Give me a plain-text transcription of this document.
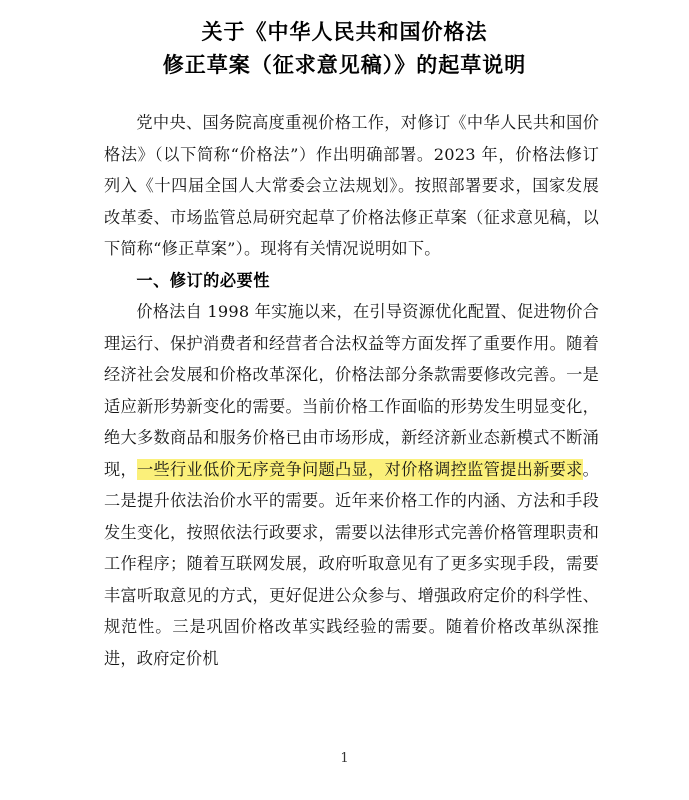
关于《中华人民共和国价格法
修正草案（征求意见稿）》的起草说明

党中央、国务院高度重视价格工作，对修订《中华人民共和国价格法》（以下简称“价格法”）作出明确部署。2023 年，价格法修订列入《十四届全国人大常委会立法规划》。按照部署要求，国家发展改革委、市场监管总局研究起草了价格法修正草案（征求意见稿，以下简称“修正草案”）。现将有关情况说明如下。

一、修订的必要性

价格法自 1998 年实施以来，在引导资源优化配置、促进物价合理运行、保护消费者和经营者合法权益等方面发挥了重要作用。随着经济社会发展和价格改革深化，价格法部分条款需要修改完善。一是适应新形势新变化的需要。当前价格工作面临的形势发生明显变化，绝大多数商品和服务价格已由市场形成，新经济新业态新模式不断涌现，一些行业低价无序竞争问题凸显，对价格调控监管提出新要求。二是提升依法治价水平的需要。近年来价格工作的内涵、方法和手段发生变化，按照依法行政要求，需要以法律形式完善价格管理职责和工作程序；随着互联网发展，政府听取意见有了更多实现手段，需要丰富听取意见的方式，更好促进公众参与、增强政府定价的科学性、规范性。三是巩固价格改革实践经验的需要。随着价格改革纵深推进，政府定价机

1
